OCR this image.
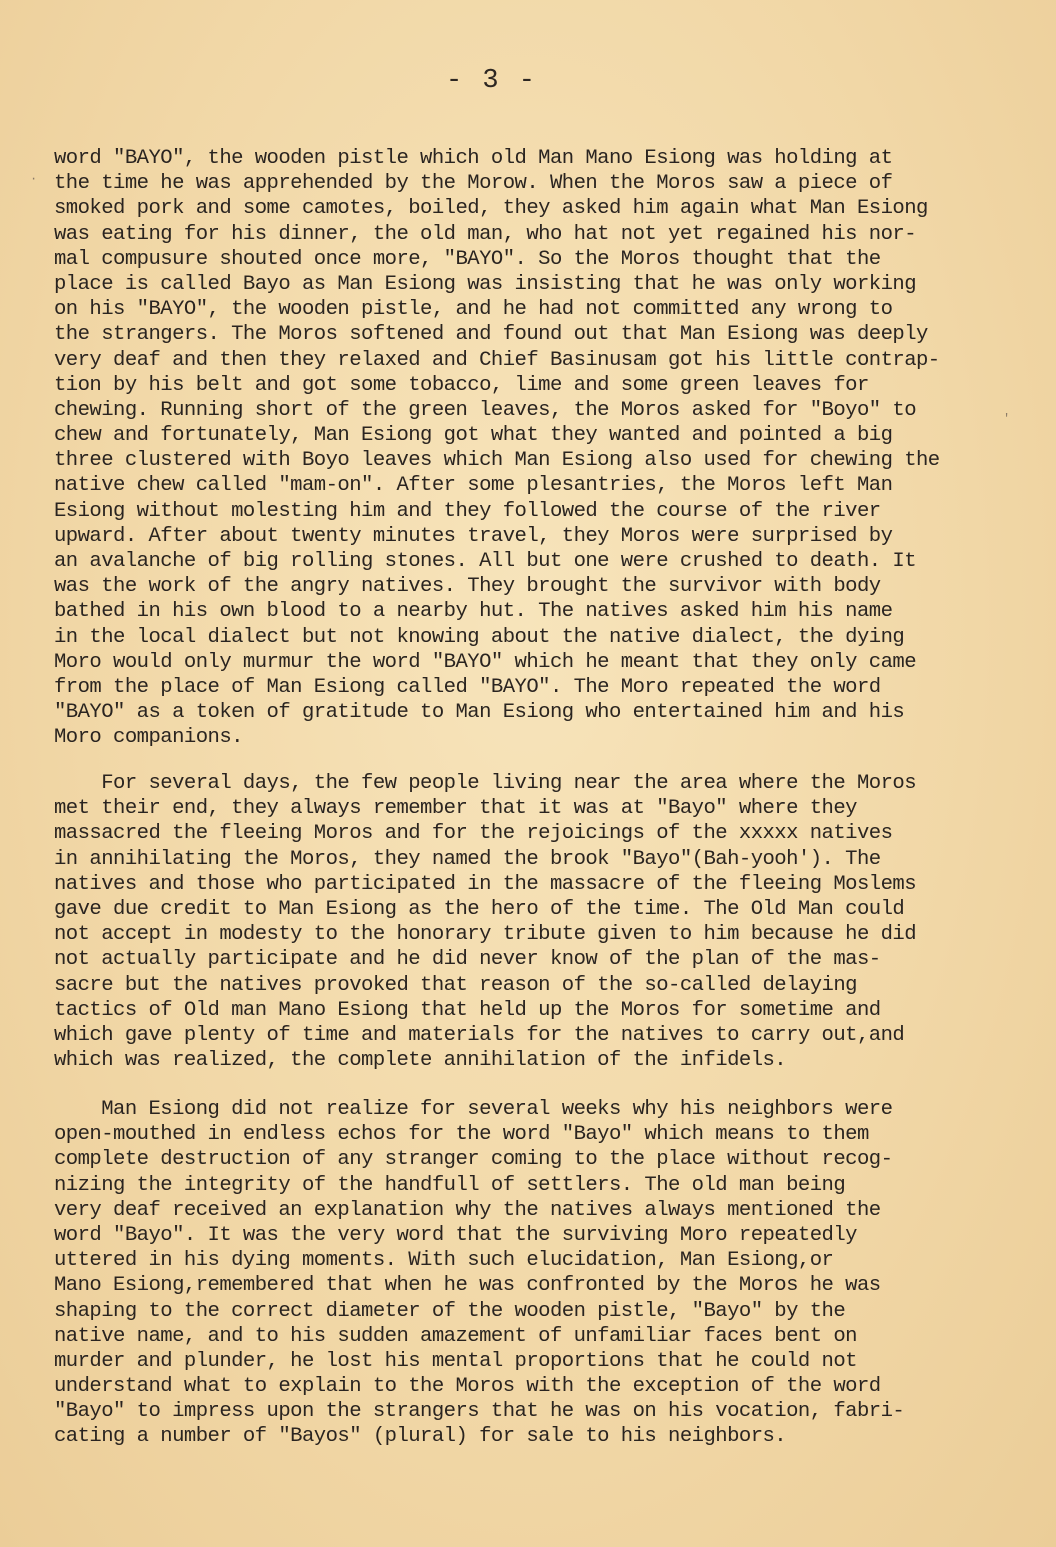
- 3 -
·
'
word "BAYO", the wooden pistle which old Man Mano Esiong was holding at
the time he was apprehended by the Morow. When the Moros saw a piece of
smoked pork and some camotes, boiled, they asked him again what Man Esiong
was eating for his dinner, the old man, who hat not yet regained his nor-
mal compusure shouted once more, "BAYO". So the Moros thought that the
place is called Bayo as Man Esiong was insisting that he was only working
on his "BAYO", the wooden pistle, and he had not committed any wrong to
the strangers. The Moros softened and found out that Man Esiong was deeply
very deaf and then they relaxed and Chief Basinusam got his little contrap-
tion by his belt and got some tobacco, lime and some green leaves for
chewing. Running short of the green leaves, the Moros asked for "Boyo" to
chew and fortunately, Man Esiong got what they wanted and pointed a big
three clustered with Boyo leaves which Man Esiong also used for chewing the
native chew called "mam-on". After some plesantries, the Moros left Man
Esiong without molesting him and they followed the course of the river
upward. After about twenty minutes travel, they Moros were surprised by
an avalanche of big rolling stones. All but one were crushed to death. It
was the work of the angry natives. They brought the survivor with body
bathed in his own blood to a nearby hut. The natives asked him his name
in the local dialect but not knowing about the native dialect, the dying
Moro would only murmur the word "BAYO" which he meant that they only came
from the place of Man Esiong called "BAYO". The Moro repeated the word
"BAYO" as a token of gratitude to Man Esiong who entertained him and his
Moro companions.
For several days, the few people living near the area where the Moros
met their end, they always remember that it was at "Bayo" where they
massacred the fleeing Moros and for the rejoicings of the xxxxx natives
in annihilating the Moros, they named the brook "Bayo"(Bah-yooh'). The
natives and those who participated in the massacre of the fleeing Moslems
gave due credit to Man Esiong as the hero of the time. The Old Man could
not accept in modesty to the honorary tribute given to him because he did
not actually participate and he did never know of the plan of the mas-
sacre but the natives provoked that reason of the so-called delaying
tactics of Old man Mano Esiong that held up the Moros for sometime and
which gave plenty of time and materials for the natives to carry out,and
which was realized, the complete annihilation of the infidels.
Man Esiong did not realize for several weeks why his neighbors were
open-mouthed in endless echos for the word "Bayo" which means to them
complete destruction of any stranger coming to the place without recog-
nizing the integrity of the handfull of settlers. The old man being
very deaf received an explanation why the natives always mentioned the
word "Bayo". It was the very word that the surviving Moro repeatedly
uttered in his dying moments. With such elucidation, Man Esiong,or
Mano Esiong,remembered that when he was confronted by the Moros he was
shaping to the correct diameter of the wooden pistle, "Bayo" by the
native name, and to his sudden amazement of unfamiliar faces bent on
murder and plunder, he lost his mental proportions that he could not
understand what to explain to the Moros with the exception of the word
"Bayo" to impress upon the strangers that he was on his vocation, fabri-
cating a number of "Bayos" (plural) for sale to his neighbors.
